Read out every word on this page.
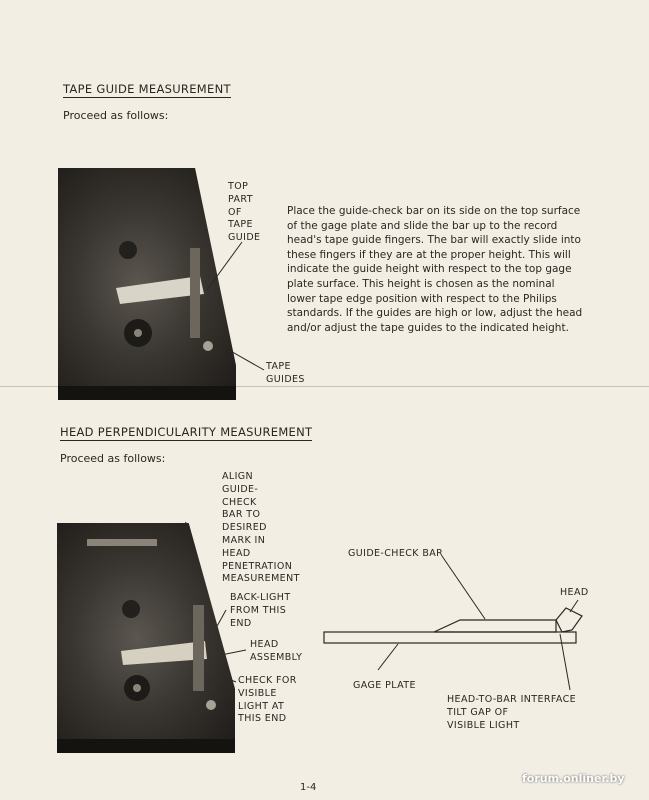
TAPE GUIDE MEASUREMENT
Proceed as follows:
TOP
PART
OF
TAPE
GUIDE
TAPE
GUIDES
Place the guide-check bar on its side on the top surface
of the gage plate and slide the bar up to the record
head's tape guide fingers. The bar will exactly slide into
these fingers if they are at the proper height. This will
indicate the guide height with respect to the top gage
plate surface. This height is chosen as the nominal
lower tape edge position with respect to the Philips
standards. If the guides are high or low, adjust the head
and/or adjust the tape guides to the indicated height.
HEAD PERPENDICULARITY MEASUREMENT
Proceed as follows:
ALIGN
GUIDE-
CHECK
BAR TO
DESIRED
MARK IN
HEAD
PENETRATION
MEASUREMENT
BACK-LIGHT
FROM THIS
END
HEAD
ASSEMBLY
CHECK FOR
VISIBLE
LIGHT AT
THIS END
GUIDE-CHECK BAR
HEAD
GAGE PLATE
HEAD-TO-BAR INTERFACE
TILT GAP OF
VISIBLE LIGHT
1-4
forum.onliner.by
